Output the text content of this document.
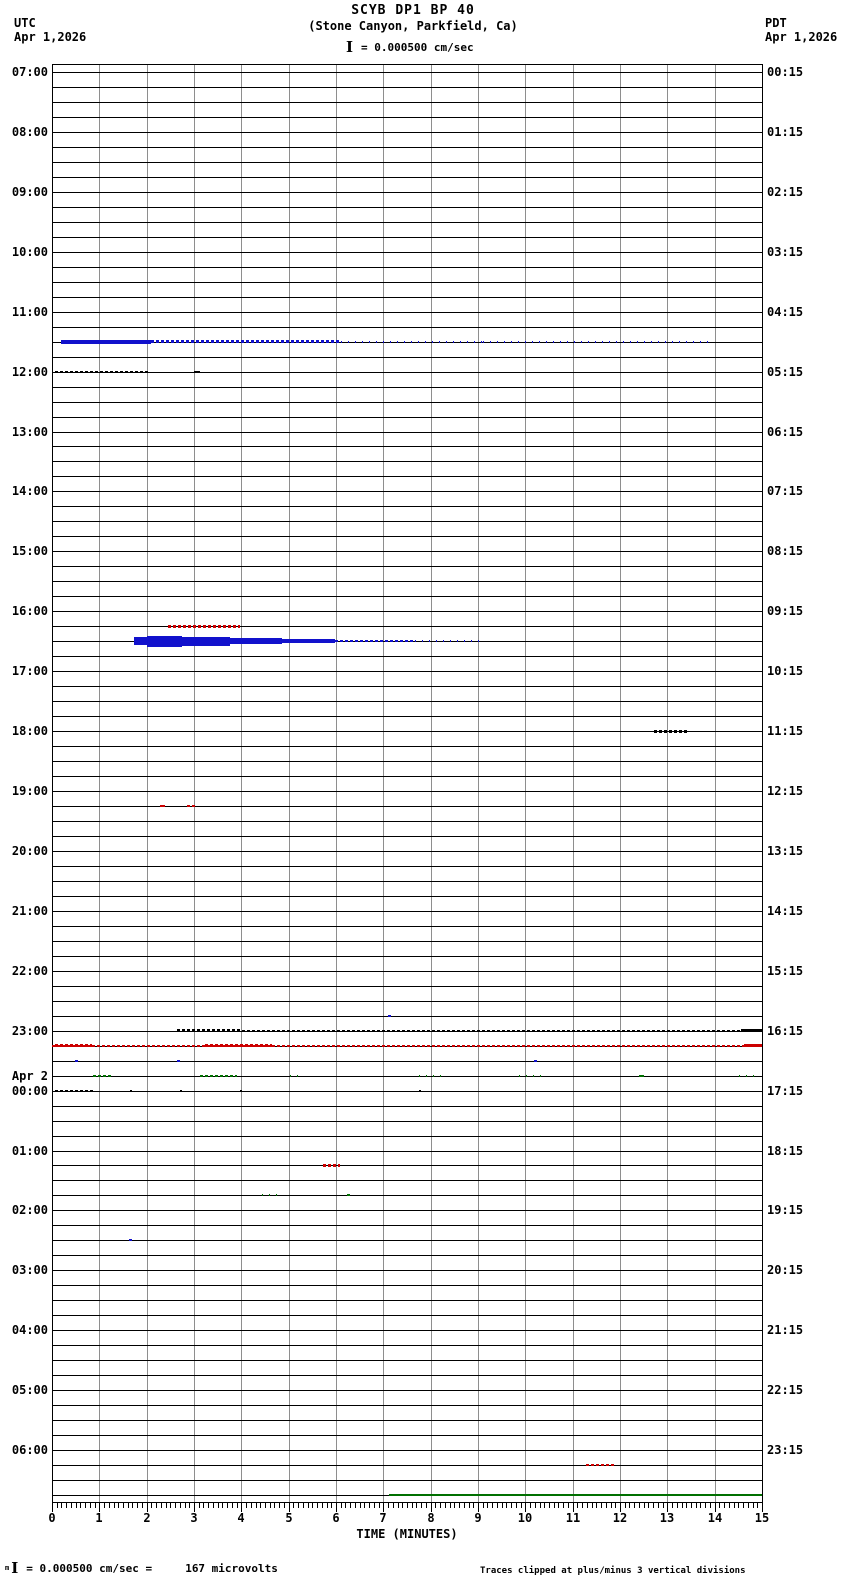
SCYB DP1 BP 40
(Stone Canyon, Parkfield, Ca)
I = 0.000500 cm/sec
UTC
Apr 1,2026
PDT
Apr 1,2026
07:00
08:00
09:00
10:00
11:00
12:00
13:00
14:00
15:00
16:00
17:00
18:00
19:00
20:00
21:00
22:00
23:00
Apr 2
00:00
01:00
02:00
03:00
04:00
05:00
06:00
00:15
01:15
02:15
03:15
04:15
05:15
06:15
07:15
08:15
09:15
10:15
11:15
12:15
13:15
14:15
15:15
16:15
17:15
18:15
19:15
20:15
21:15
22:15
23:15
0	1	2	3	4	5	6	7	8	9	10	11	12	13	14	15
TIME (MINUTES)
m I = 0.000500 cm/sec =     167 microvolts	Traces clipped at plus/minus 3 vertical divisions
